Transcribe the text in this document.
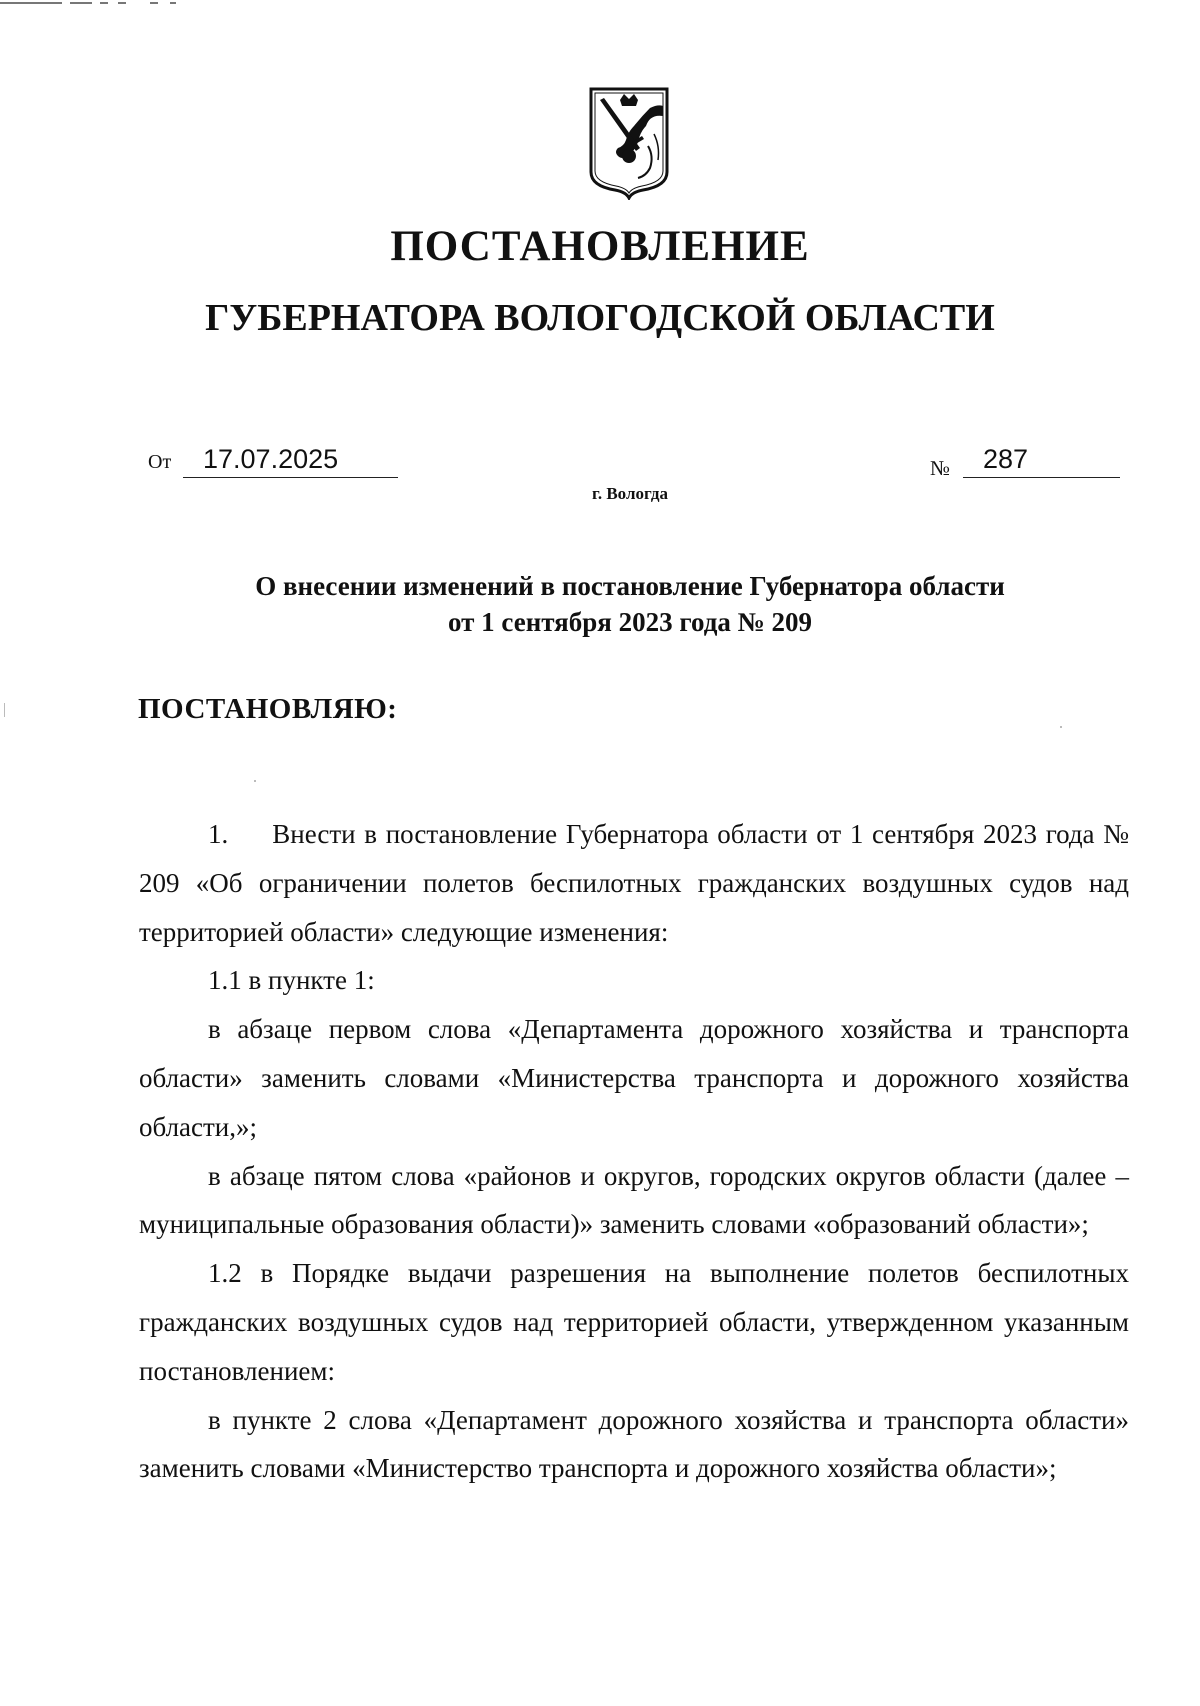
ПОСТАНОВЛЕНИЕ
ГУБЕРНАТОРА ВОЛОГОДСКОЙ ОБЛАСТИ
От 17.07.2025	№ 287
г. Вологда
О внесении изменений в постановление Губернатора области
от 1 сентября 2023 года № 209
ПОСТАНОВЛЯЮ:

1. Внести в постановление Губернатора области от 1 сентября 2023 года № 209 «Об ограничении полетов беспилотных гражданских воздушных судов над территорией области» следующие изменения:

1.1 в пункте 1:

в абзаце первом слова «Департамента дорожного хозяйства и транспорта области» заменить словами «Министерства транспорта и дорожного хозяйства области,»;

в абзаце пятом слова «районов и округов, городских округов области (далее – муниципальные образования области)» заменить словами «образований области»;

1.2 в Порядке выдачи разрешения на выполнение полетов беспилотных гражданских воздушных судов над территорией области, утвержденном указанным постановлением:

в пункте 2 слова «Департамент дорожного хозяйства и транспорта области» заменить словами «Министерство транспорта и дорожного хозяйства области»;
